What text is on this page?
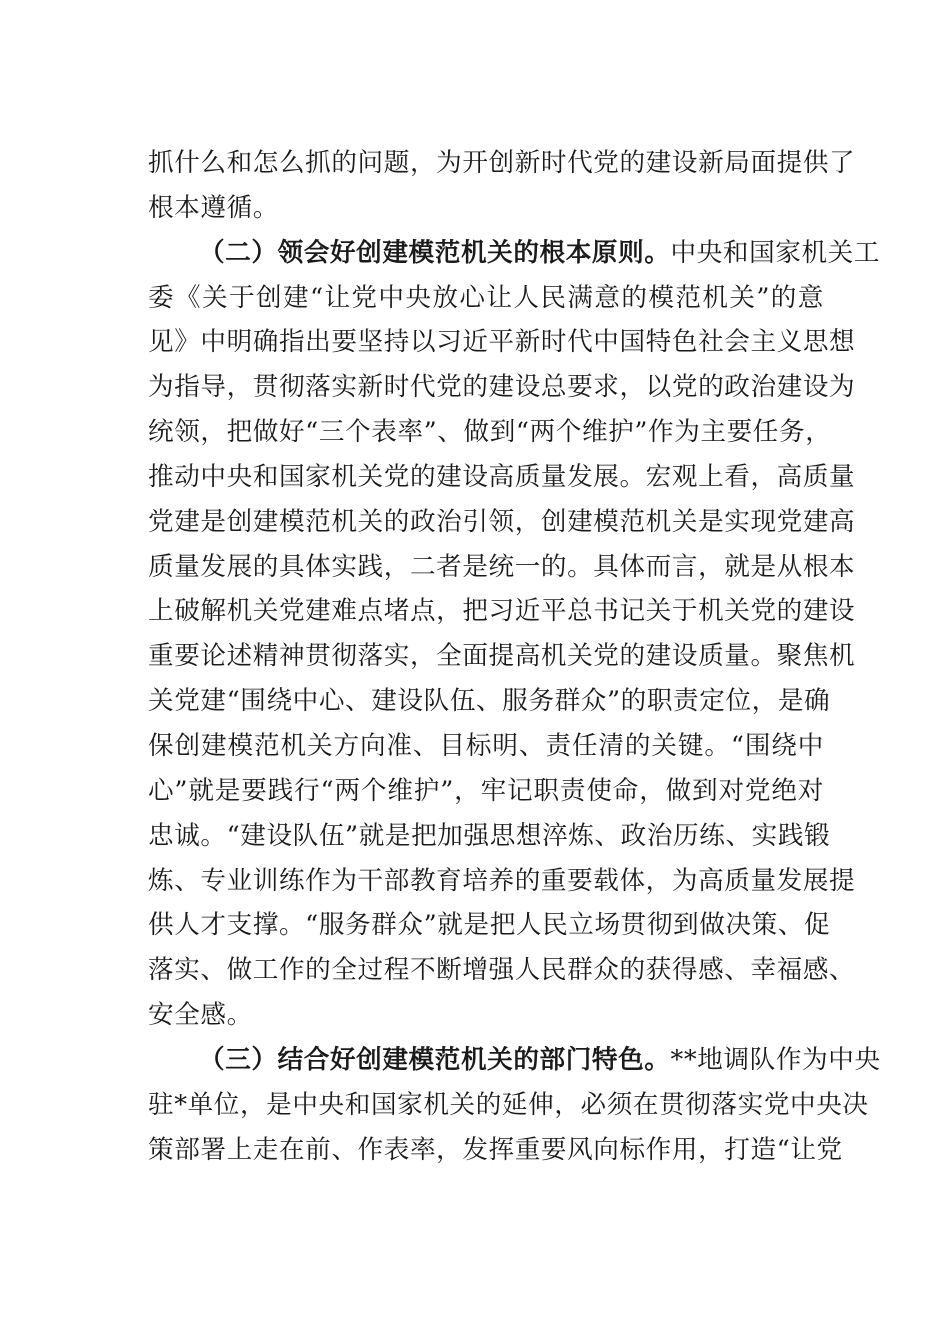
抓什么和怎么抓的问题，为开创新时代党的建设新局面提供了
根本遵循。
（二）领会好创建模范机关的根本原则。中央和国家机关工
委《关于创建“让党中央放心让人民满意的模范机关”的意
见》中明确指出要坚持以习近平新时代中国特色社会主义思想
为指导，贯彻落实新时代党的建设总要求，以党的政治建设为
统领，把做好“三个表率”、做到“两个维护”作为主要任务，
推动中央和国家机关党的建设高质量发展。宏观上看，高质量
党建是创建模范机关的政治引领，创建模范机关是实现党建高
质量发展的具体实践，二者是统一的。具体而言，就是从根本
上破解机关党建难点堵点，把习近平总书记关于机关党的建设
重要论述精神贯彻落实，全面提高机关党的建设质量。聚焦机
关党建“围绕中心、建设队伍、服务群众”的职责定位，是确
保创建模范机关方向准、目标明、责任清的关键。“围绕中
心”就是要践行“两个维护”，牢记职责使命，做到对党绝对
忠诚。“建设队伍”就是把加强思想淬炼、政治历练、实践锻
炼、专业训练作为干部教育培养的重要载体，为高质量发展提
供人才支撑。“服务群众”就是把人民立场贯彻到做决策、促
落实、做工作的全过程不断增强人民群众的获得感、幸福感、
安全感。
（三）结合好创建模范机关的部门特色。**地调队作为中央
驻*单位，是中央和国家机关的延伸，必须在贯彻落实党中央决
策部署上走在前、作表率，发挥重要风向标作用，打造“让党
